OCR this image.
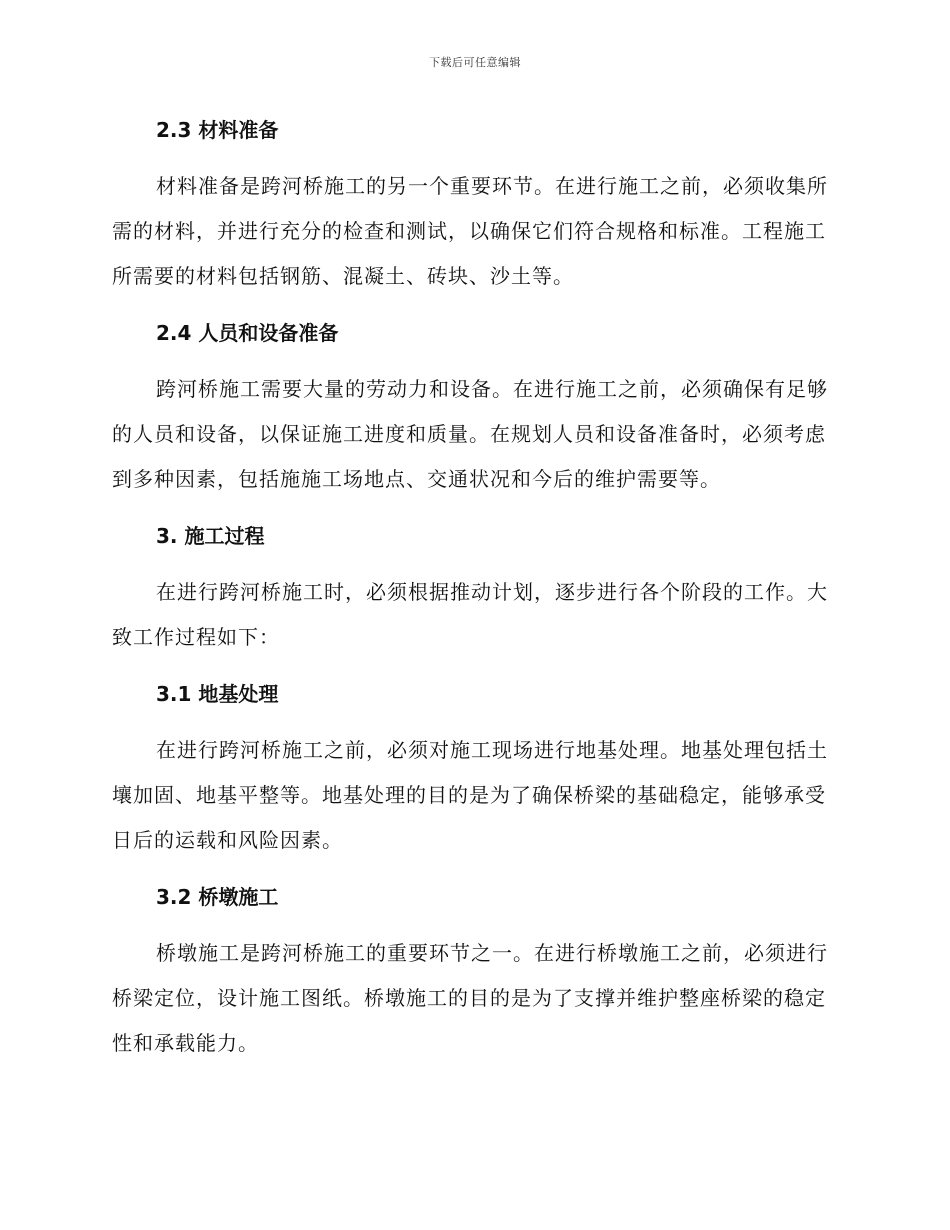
下载后可任意编辑
2.3 材料准备

材料准备是跨河桥施工的另一个重要环节。在进行施工之前，必须收集所需的材料，并进行充分的检查和测试，以确保它们符合规格和标准。工程施工所需要的材料包括钢筋、混凝土、砖块、沙土等。

2.4 人员和设备准备

跨河桥施工需要大量的劳动力和设备。在进行施工之前，必须确保有足够的人员和设备，以保证施工进度和质量。在规划人员和设备准备时，必须考虑到多种因素，包括施施工场地点、交通状况和今后的维护需要等。

3. 施工过程

在进行跨河桥施工时，必须根据推动计划，逐步进行各个阶段的工作。大致工作过程如下：

3.1 地基处理

在进行跨河桥施工之前，必须对施工现场进行地基处理。地基处理包括土壤加固、地基平整等。地基处理的目的是为了确保桥梁的基础稳定，能够承受日后的运载和风险因素。

3.2 桥墩施工

桥墩施工是跨河桥施工的重要环节之一。在进行桥墩施工之前，必须进行桥梁定位，设计施工图纸。桥墩施工的目的是为了支撑并维护整座桥梁的稳定性和承载能力。
